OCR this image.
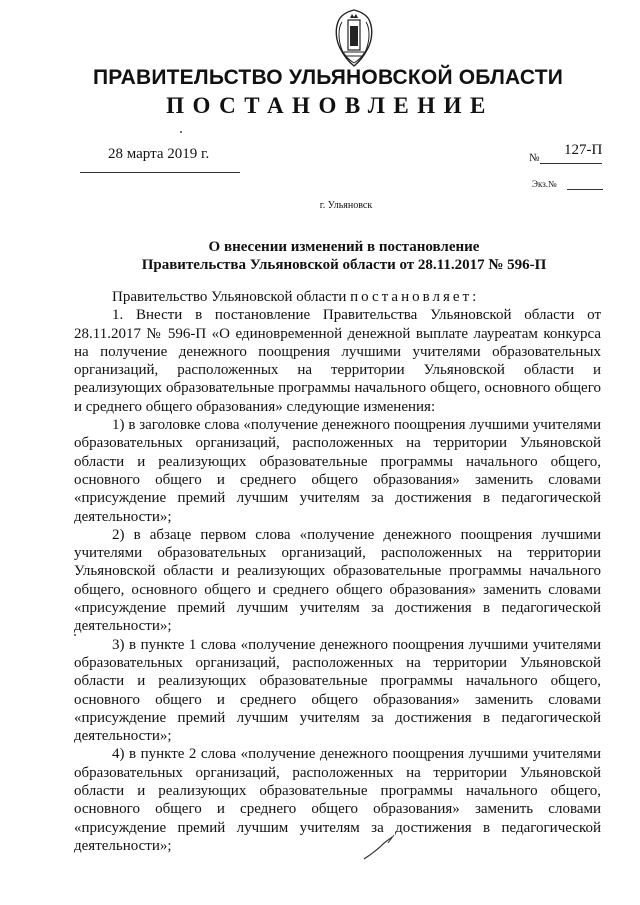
ПРАВИТЕЛЬСТВО УЛЬЯНОВСКОЙ ОБЛАСТИ
ПОСТАНОВЛЕНИЕ
28 марта 2019 г.	№ 127-П
Экз.№
г. Ульяновск
О внесении изменений в постановление
Правительства Ульяновской области от 28.11.2017 № 596-П

Правительство Ульяновской области постановляет:

1. Внести в постановление Правительства Ульяновской области от 28.11.2017 № 596-П «О единовременной денежной выплате лауреатам конкурса на получение денежного поощрения лучшими учителями образовательных организаций, расположенных на территории Ульяновской области и реализующих образовательные программы начального общего, основного общего и среднего общего образования» следующие изменения:

1) в заголовке слова «получение денежного поощрения лучшими учителями образовательных организаций, расположенных на территории Ульяновской области и реализующих образовательные программы начального общего, основного общего и среднего общего образования» заменить словами «присуждение премий лучшим учителям за достижения в педагогической деятельности»;

2) в абзаце первом слова «получение денежного поощрения лучшими учителями образовательных организаций, расположенных на территории Ульяновской области и реализующих образовательные программы начального общего, основного общего и среднего общего образования» заменить словами «присуждение премий лучшим учителям за достижения в педагогической деятельности»;

3) в пункте 1 слова «получение денежного поощрения лучшими учителями образовательных организаций, расположенных на территории Ульяновской области и реализующих образовательные программы начального общего, основного общего и среднего общего образования» заменить словами «присуждение премий лучшим учителям за достижения в педагогической деятельности»;

4) в пункте 2 слова «получение денежного поощрения лучшими учителями образовательных организаций, расположенных на территории Ульяновской области и реализующих образовательные программы начального общего, основного общего и среднего общего образования» заменить словами «присуждение премий лучшим учителям за достижения в педагогической деятельности»;
